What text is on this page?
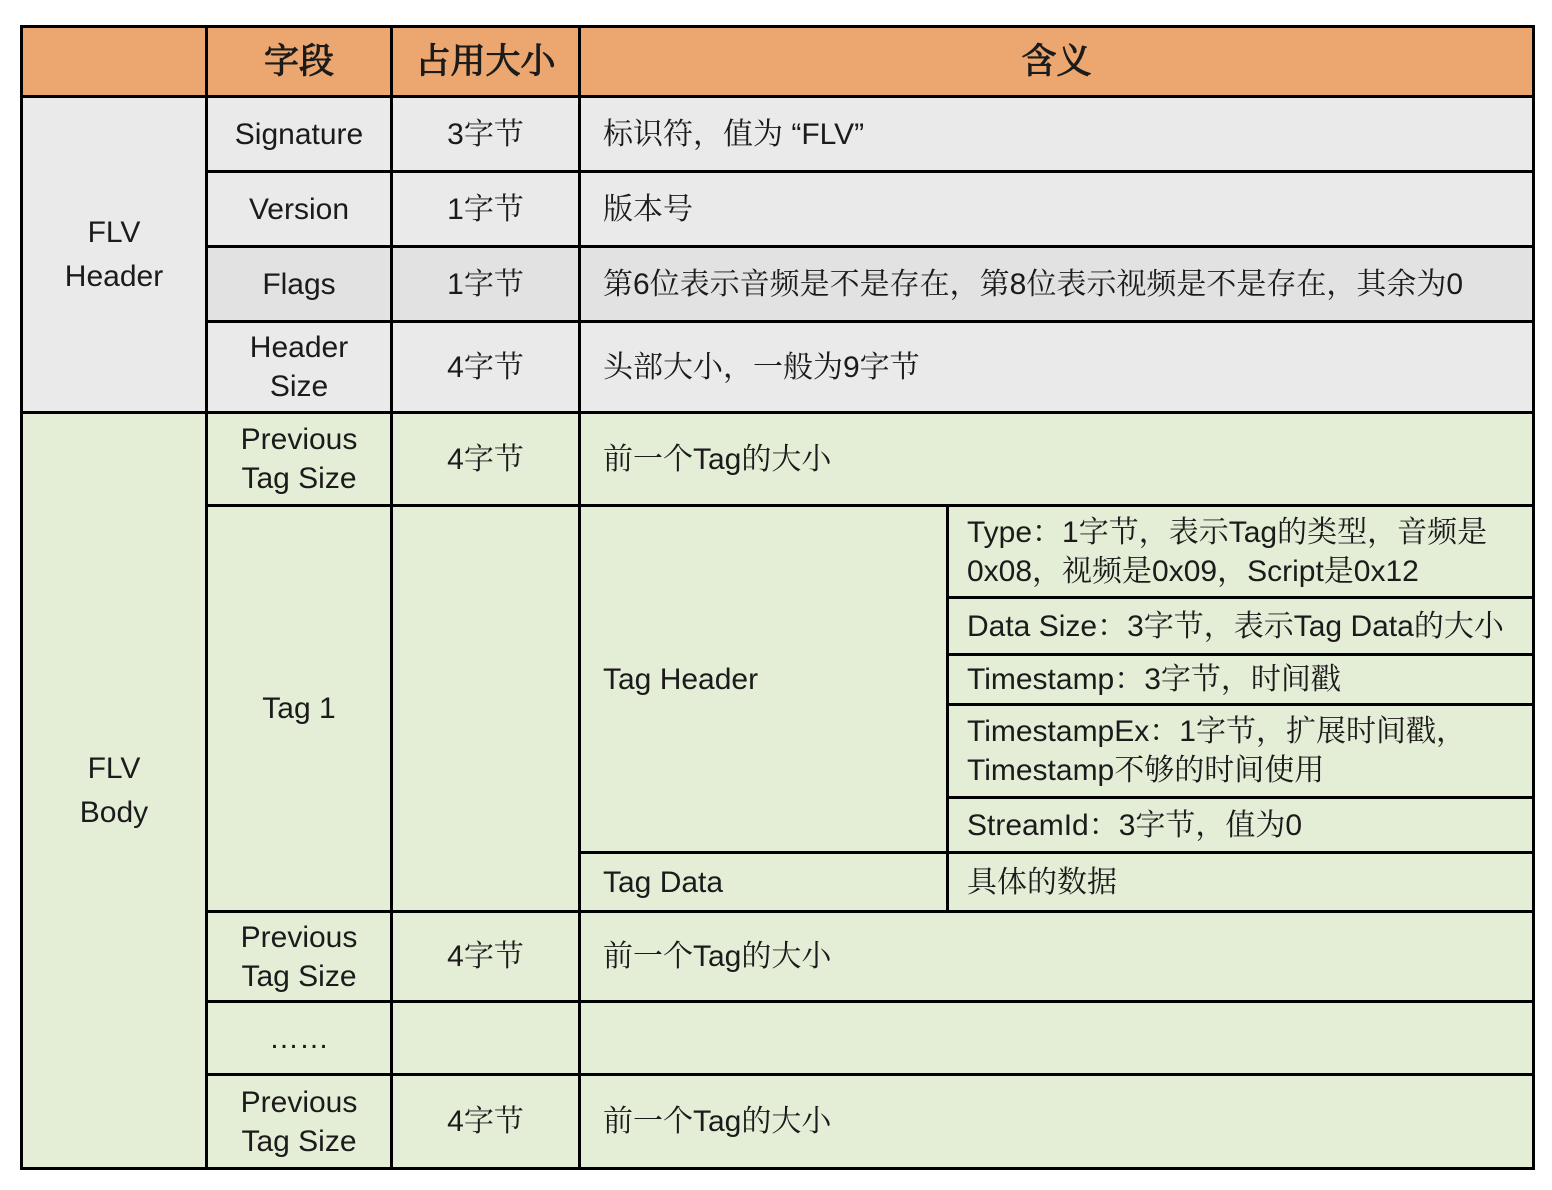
	字段	占用大小	含义	
FLV Header	Signature	3字节	标识符，值为 “FLV”	
	Version	1字节	版本号	
	Flags	1字节	第6位表示音频是不是存在，第8位表示视频是不是存在，其余为0	
	Header Size	4字节	头部大小，一般为9字节	
FLV Body	Previous Tag Size	4字节	前一个Tag的大小	
	Tag 1		Tag Header	Type：1字节，表示Tag的类型，音频是0x08，视频是0x09，Script是0x12
				Data Size：3字节，表示Tag Data的大小
				Timestamp：3字节，时间戳
				TimestampEx：1字节，扩展时间戳，Timestamp不够的时间使用
				StreamId：3字节，值为0
			Tag Data	具体的数据
	Previous Tag Size	4字节	前一个Tag的大小	
	……			
	Previous Tag Size	4字节	前一个Tag的大小	
